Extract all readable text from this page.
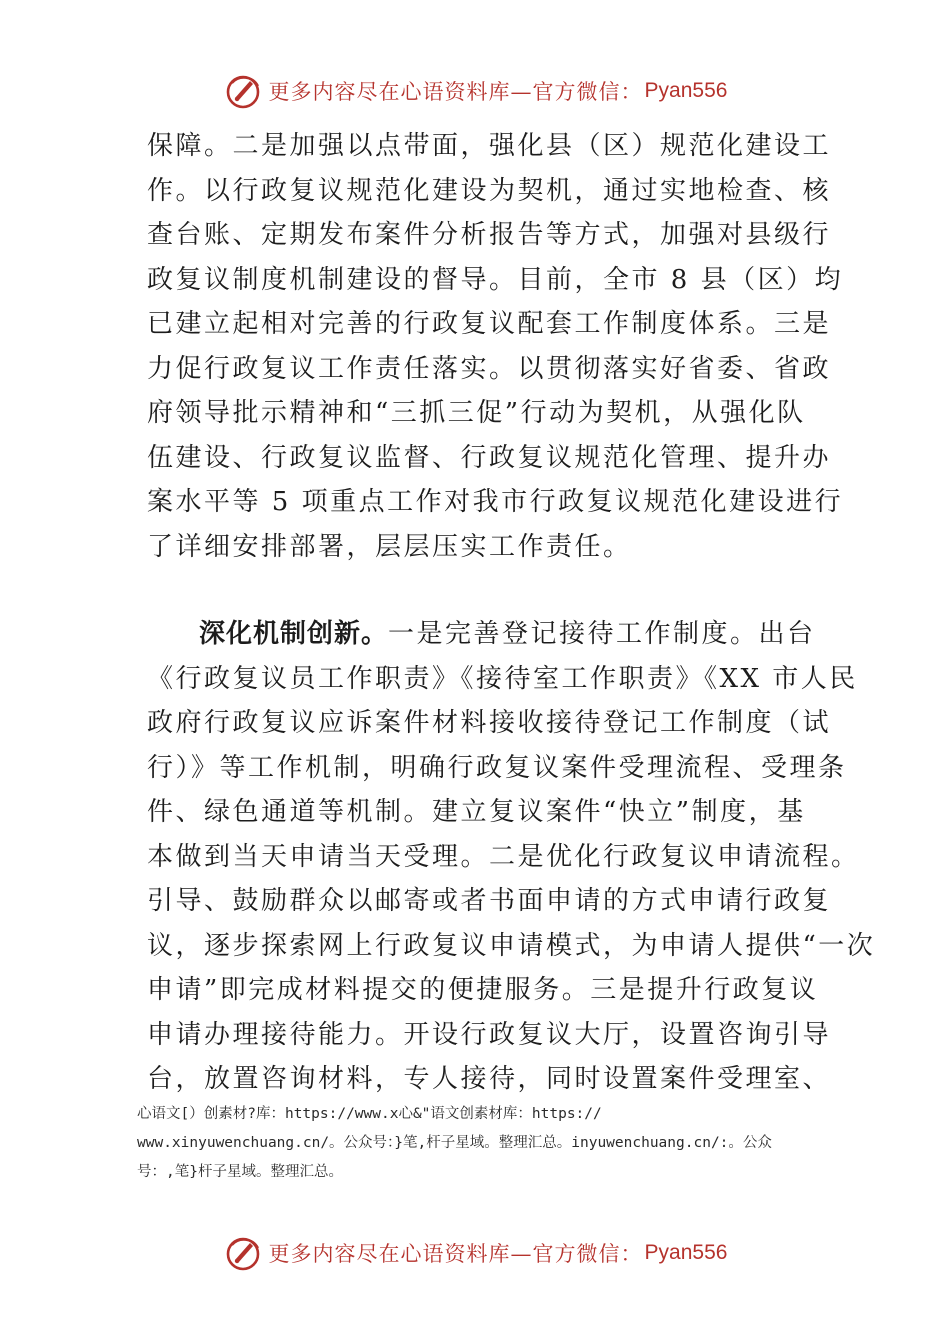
更多内容尽在心语资料库—官方微信： Pyan556
保障。二是加强以点带面，强化县（区）规范化建设工
作。以行政复议规范化建设为契机，通过实地检查、核
查台账、定期发布案件分析报告等方式，加强对县级行
政复议制度机制建设的督导。目前，全市 8 县（区）均
已建立起相对完善的行政复议配套工作制度体系。三是
力促行政复议工作责任落实。以贯彻落实好省委、省政
府领导批示精神和“三抓三促”行动为契机，从强化队
伍建设、行政复议监督、行政复议规范化管理、提升办
案水平等 5 项重点工作对我市行政复议规范化建设进行
了详细安排部署，层层压实工作责任。
深化机制创新。一是完善登记接待工作制度。出台
《行政复议员工作职责》《接待室工作职责》《XX 市人民
政府行政复议应诉案件材料接收接待登记工作制度（试
行）》等工作机制，明确行政复议案件受理流程、受理条
件、绿色通道等机制。建立复议案件“快立”制度，基
本做到当天申请当天受理。二是优化行政复议申请流程。
引导、鼓励群众以邮寄或者书面申请的方式申请行政复
议，逐步探索网上行政复议申请模式，为申请人提供“一次
申请”即完成材料提交的便捷服务。三是提升行政复议
申请办理接待能力。开设行政复议大厅，设置咨询引导
台，放置咨询材料，专人接待，同时设置案件受理室、
心语文[）创素材?库：https://www.x心&"语文创素材库：https://
www.xinyuwenchuang.cn/。公众号：}笔,杆子星域。整理汇总。inyuwenchuang.cn/:。公众
号：,笔}杆子星域。整理汇总。
更多内容尽在心语资料库—官方微信： Pyan556
